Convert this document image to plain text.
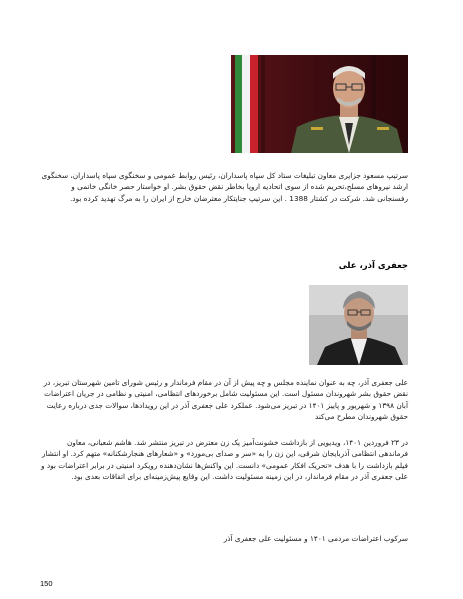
سرتیپ مسعود جزایری معاون تبلیغات ستاد کل سپاه پاسداران، رئیس روابط عمومی و سخنگوی سپاه پاسداران، سخنگوی ارشد نیروهای مسلح،تحریم شده از سوی اتحادیه اروپا بخاطر نقض حقوق بشر. او خواستار حصر خانگی خاتمی و رفسنجانی شد. شرکت در کشتار 1388 . این سرتیپ جنایتکار معترضان خارج از ایران را به مرگ تهدید کرده بود.

جعفری آذر، علی

علی جعفری آذر، چه به عنوان نماینده مجلس و چه پیش از آن در مقام فرماندار و رئیس شورای تامین شهرستان تبریز، در نقض حقوق بشر شهروندان مسئول است. این مسئولیت شامل برخوردهای انتظامی، امنیتی و نظامی در جریان اعتراضات آبان ۱۳۹۸ و شهریور و پاییز ۱۴۰۱ در تبریز می‌شود. عملکرد علی جعفری آذر در این رویدادها، سوالات جدی درباره رعایت حقوق شهروندان مطرح می‌کند

در ۲۳ فروردین ۱۴۰۱، ویدیویی از بازداشت خشونت‌آمیز یک زن معترض در تبریز منتشر شد. هاشم شعبانی، معاون فرماندهی انتظامی آذربایجان شرقی، این زن را به «سر و صدای بی‌مورد» و «شعارهای هنجارشکنانه» متهم کرد. او انتشار فیلم بازداشت را با هدف «تحریک افکار عمومی» دانست. این واکنش‌ها نشان‌دهنده رویکرد امنیتی در برابر اعتراضات بود و علی جعفری آذر در مقام فرماندار، در این زمینه مسئولیت داشت. این وقایع پیش‌زمینه‌ای برای اتفاقات بعدی بود.

سرکوب اعتراضات مردمی ۱۴۰۱ و مسئولیت علی جعفری آذر

150
